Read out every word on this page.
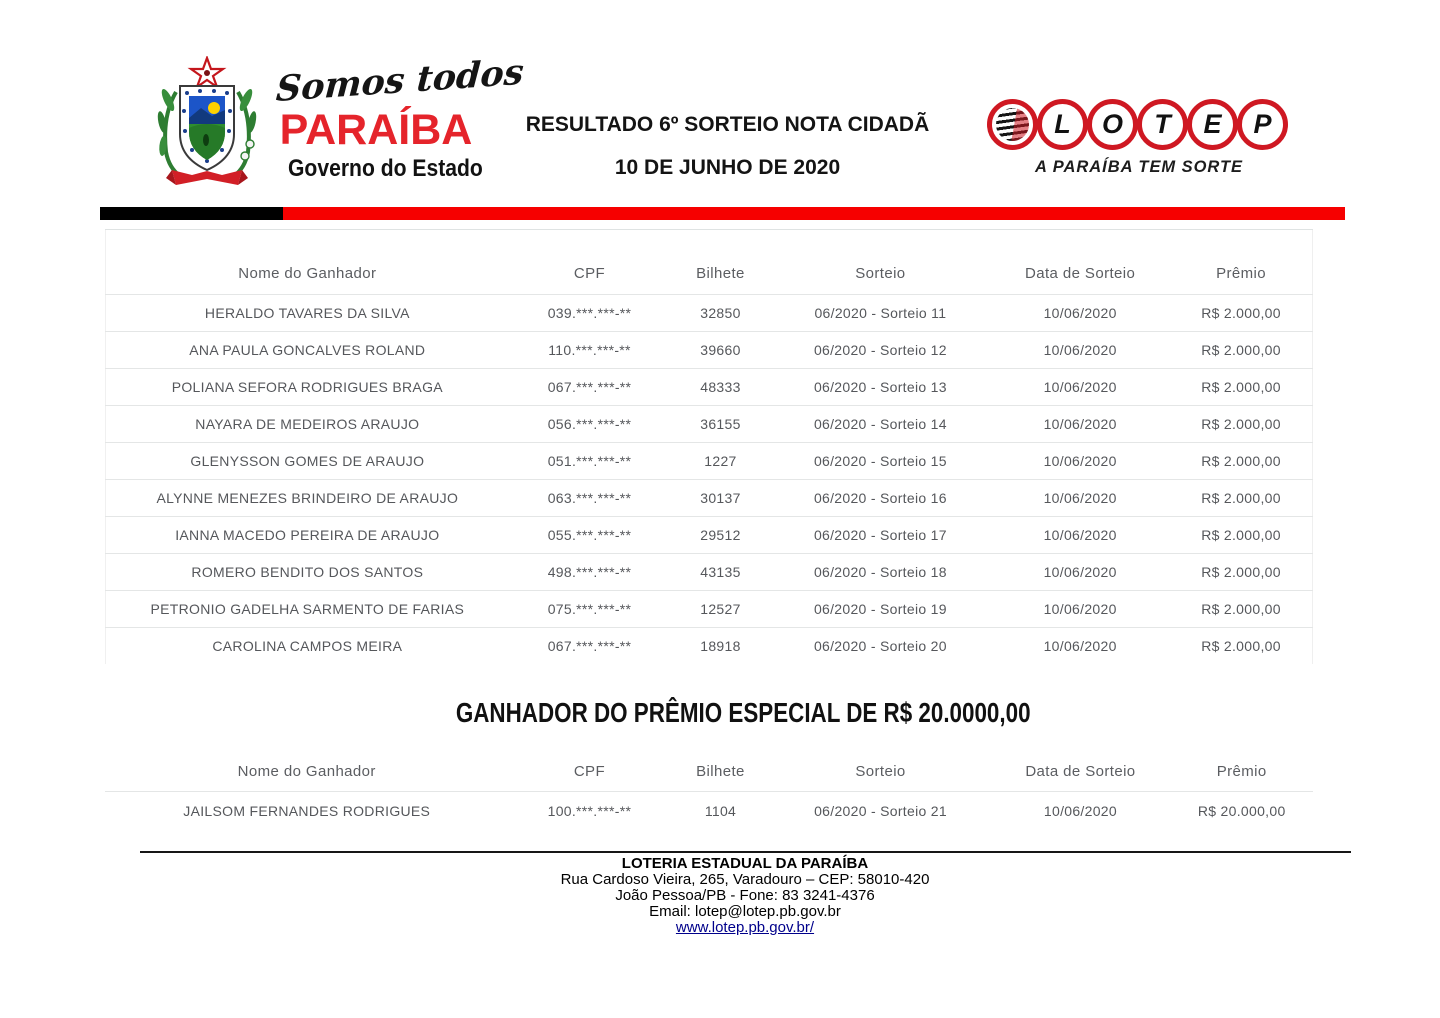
Somos todos
PARAÍBA
Governo do Estado
RESULTADO 6º SORTEIO NOTA CIDADÃ
10 DE JUNHO DE 2020
L	O	T	E	P
A PARAÍBA TEM SORTE
Nome do Ganhador	CPF	Bilhete	Sorteio	Data de Sorteio	Prêmio
HERALDO TAVARES DA SILVA	039.***.***-**	32850	06/2020 - Sorteio 11	10/06/2020	R$ 2.000,00
ANA PAULA GONCALVES ROLAND	110.***.***-**	39660	06/2020 - Sorteio 12	10/06/2020	R$ 2.000,00
POLIANA SEFORA RODRIGUES BRAGA	067.***.***-**	48333	06/2020 - Sorteio 13	10/06/2020	R$ 2.000,00
NAYARA DE MEDEIROS ARAUJO	056.***.***-**	36155	06/2020 - Sorteio 14	10/06/2020	R$ 2.000,00
GLENYSSON GOMES DE ARAUJO	051.***.***-**	1227	06/2020 - Sorteio 15	10/06/2020	R$ 2.000,00
ALYNNE MENEZES BRINDEIRO DE ARAUJO	063.***.***-**	30137	06/2020 - Sorteio 16	10/06/2020	R$ 2.000,00
IANNA MACEDO PEREIRA DE ARAUJO	055.***.***-**	29512	06/2020 - Sorteio 17	10/06/2020	R$ 2.000,00
ROMERO BENDITO DOS SANTOS	498.***.***-**	43135	06/2020 - Sorteio 18	10/06/2020	R$ 2.000,00
PETRONIO GADELHA SARMENTO DE FARIAS	075.***.***-**	12527	06/2020 - Sorteio 19	10/06/2020	R$ 2.000,00
CAROLINA CAMPOS MEIRA	067.***.***-**	18918	06/2020 - Sorteio 20	10/06/2020	R$ 2.000,00
GANHADOR DO PRÊMIO ESPECIAL DE R$ 20.0000,00
Nome do Ganhador	CPF	Bilhete	Sorteio	Data de Sorteio	Prêmio
JAILSOM FERNANDES RODRIGUES	100.***.***-**	1104	06/2020 - Sorteio 21	10/06/2020	R$ 20.000,00
LOTERIA ESTADUAL DA PARAÍBA
Rua Cardoso Vieira, 265, Varadouro – CEP: 58010-420
João Pessoa/PB - Fone: 83 3241-4376
Email: lotep@lotep.pb.gov.br
www.lotep.pb.gov.br/
